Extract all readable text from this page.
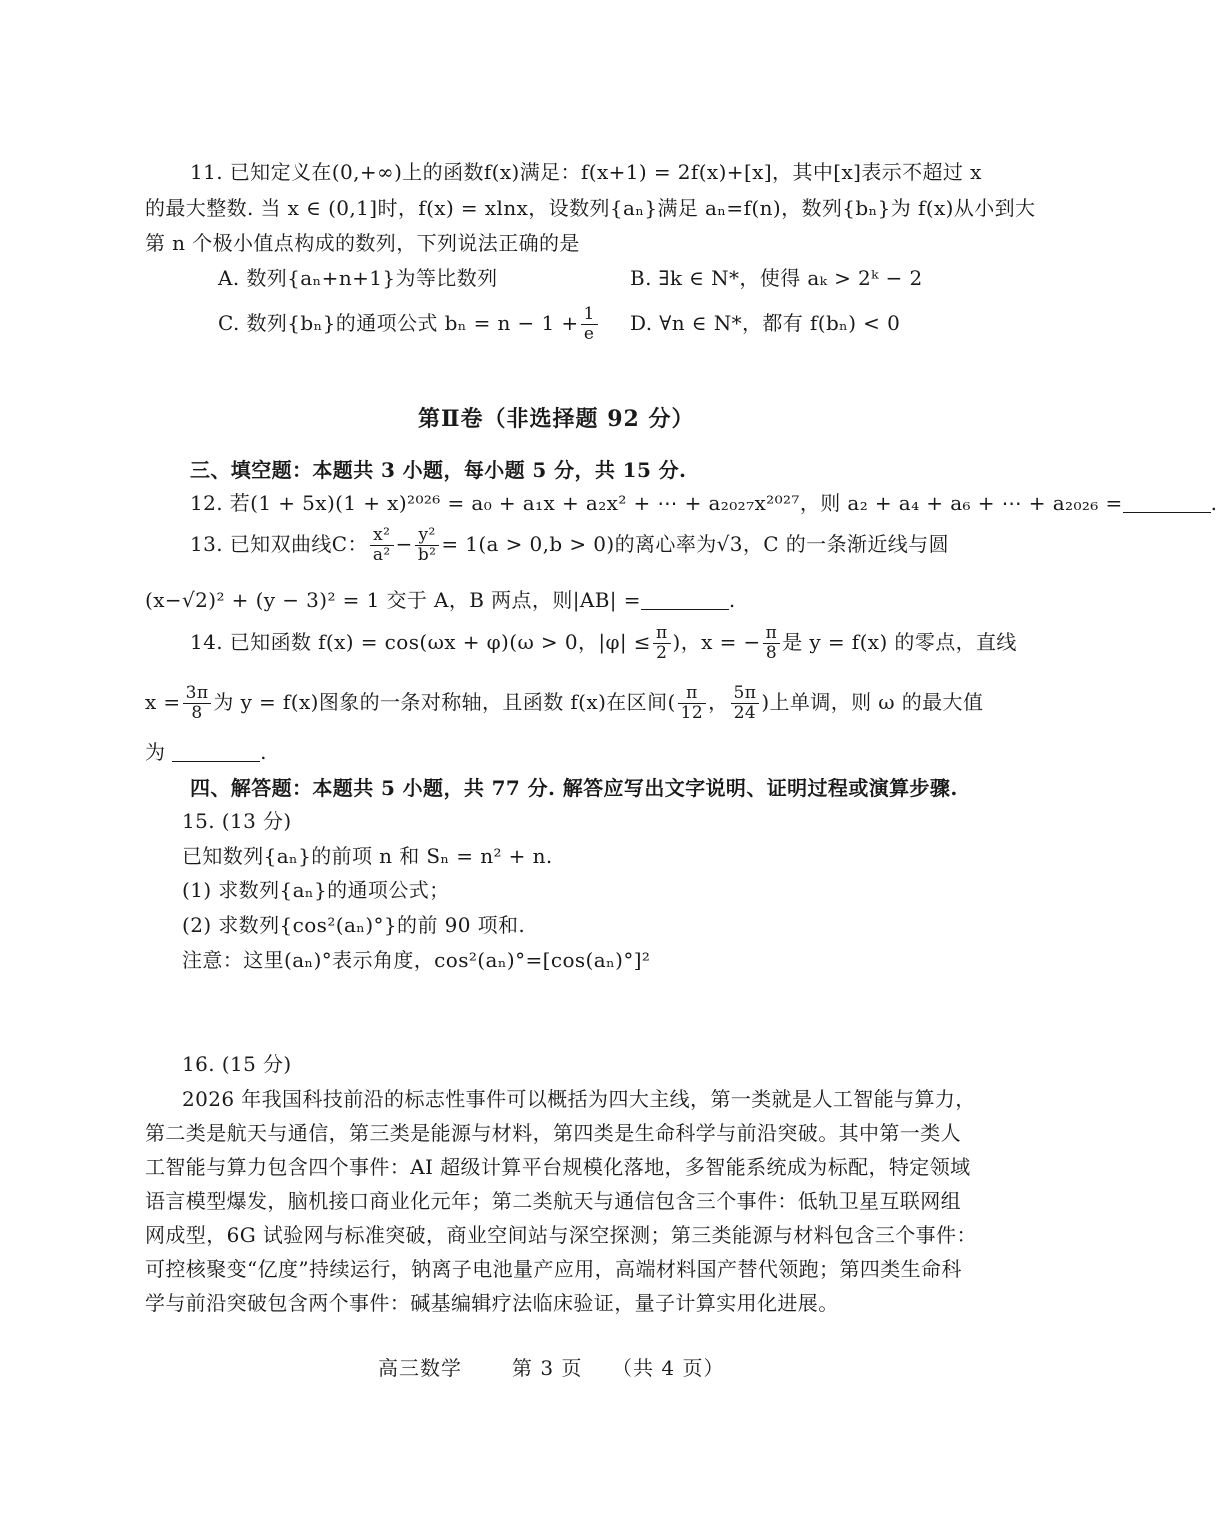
11. 已知定义在(0,+∞)上的函数f(x)满足：f(x+1) = 2f(x)+[x]，其中[x]表示不超过 x
的最大整数. 当 x ∈ (0,1]时，f(x) = xlnx，设数列{aₙ}满足 aₙ=f(n)，数列{bₙ}为 f(x)从小到大
第 n 个极小值点构成的数列，下列说法正确的是
A. 数列{aₙ+n+1}为等比数列	B. ∃k ∈ N*，使得 aₖ > 2ᵏ − 2
C. 数列{bₙ}的通项公式 $b_n = n - 1 + \frac{1}{e} D$. ∀n ∈ N*，都有 f(bₙ) < 0
第Ⅱ卷（非选择题 92 分）
三、填空题：本题共 3 小题，每小题 5 分，共 15 分.
12. 若(1 + 5x)(1 + x)²⁰²⁶ = a₀ + a₁x + a₂x² + ⋯ + a₂₀₂₇x²⁰²⁷，则 a₂ + a₄ + a₆ + ⋯ + a₂₀₂₆ =	.
13. 已知双曲线C： $\frac{\text{x²}}{\text{a²}} - \frac{\text{y²}}{\text{b²}} = 1(a > 0,b > 0)$的离心率为√3，C 的一条渐近线与圆
(x−√2)² + (y − 3)² = 1 交于 A，B 两点，则|AB| =	.
14. 已知函数 f(x) = cos(ωx + φ)(ω > 0，$|\varphi| \le \frac{\pi}{2}$ )，x = − $\frac{\pi}{8}$ 是 y = f(x) 的零点，直线
$x = \frac{3\pi}{8}$ 为 y = f(x)图象的一条对称轴，且函数 f(x)在区间( $\frac{\pi}{12}$ ， $\frac{5\pi}{24}$ )上单调，则 ω 的最大值
为	.
四、解答题：本题共 5 小题，共 77 分. 解答应写出文字说明、证明过程或演算步骤.
15. (13 分)
已知数列{aₙ}的前项 n 和 Sₙ = n² + n.
(1) 求数列{aₙ}的通项公式；
(2) 求数列{cos²(aₙ)°}的前 90 项和.
注意：这里(aₙ)°表示角度，cos²(aₙ)°=[cos(aₙ)°]²
16. (15 分)
2026 年我国科技前沿的标志性事件可以概括为四大主线，第一类就是人工智能与算力，
第二类是航天与通信，第三类是能源与材料，第四类是生命科学与前沿突破。其中第一类人
工智能与算力包含四个事件：AI 超级计算平台规模化落地，多智能系统成为标配，特定领域
语言模型爆发，脑机接口商业化元年；第二类航天与通信包含三个事件：低轨卫星互联网组
网成型，6G 试验网与标准突破，商业空间站与深空探测；第三类能源与材料包含三个事件：
可控核聚变“亿度”持续运行，钠离子电池量产应用，高端材料国产替代领跑；第四类生命科
学与前沿突破包含两个事件：碱基编辑疗法临床验证，量子计算实用化进展。
高三数学	第 3 页 （共 4 页）
